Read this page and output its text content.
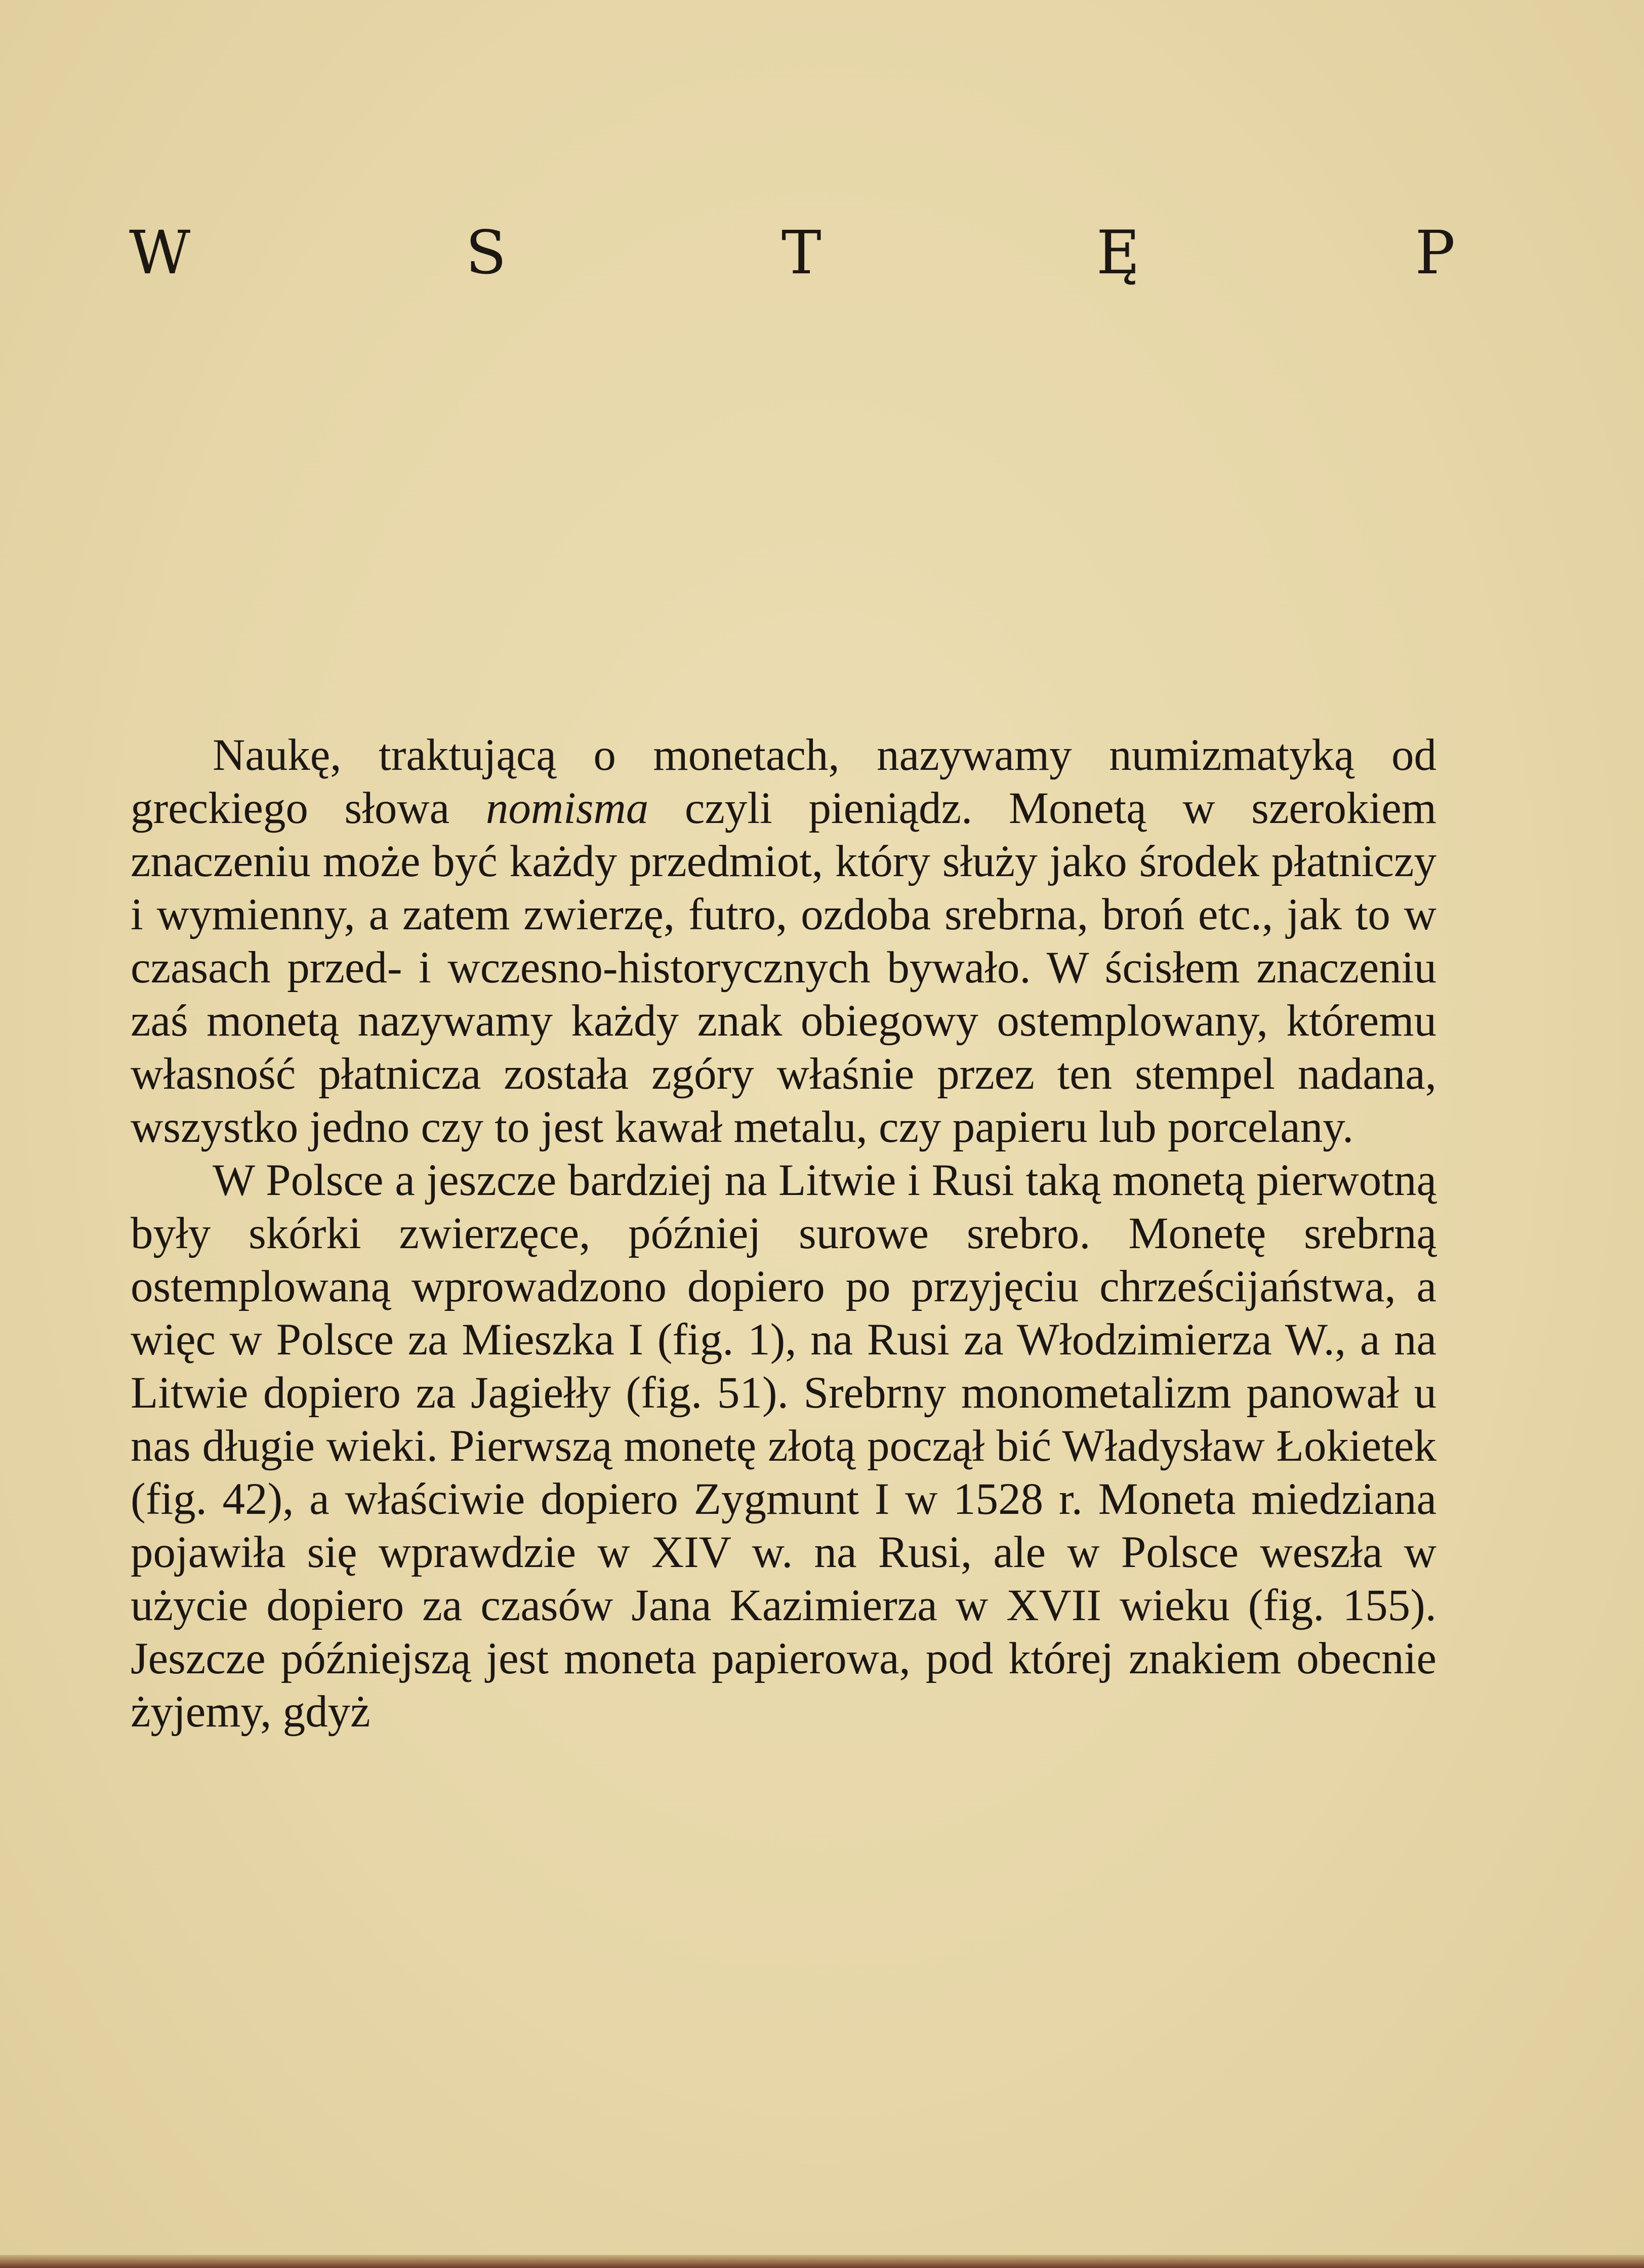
W	S	T	Ę	P

Naukę, traktującą o monetach, nazywamy numizmatyką od greckiego słowa nomisma czyli pieniądz. Monetą w szerokiem znaczeniu może być każdy przedmiot, który służy jako środek płatniczy i wymienny, a zatem zwierzę, futro, ozdoba srebrna, broń etc., jak to w czasach przed- i wczesno-historycznych bywało. W ścisłem znaczeniu zaś monetą nazywamy każdy znak obiegowy ostemplowany, któremu własność płatnicza została zgóry właśnie przez ten stempel nadana, wszystko jedno czy to jest kawał metalu, czy papieru lub porcelany.

W Polsce a jeszcze bardziej na Litwie i Rusi taką monetą pierwotną były skórki zwierzęce, później surowe srebro. Monetę srebrną ostemplowaną wprowadzono dopiero po przyjęciu chrześcijaństwa, a więc w Polsce za Mieszka I (fig. 1), na Rusi za Włodzimierza W., a na Litwie dopiero za Jagiełły (fig. 51). Srebrny monometalizm panował u nas długie wieki. Pierwszą monetę złotą począł bić Władysław Łokietek (fig. 42), a właściwie dopiero Zygmunt I w 1528 r. Moneta miedziana pojawiła się wprawdzie w XIV w. na Rusi, ale w Polsce weszła w użycie dopiero za czasów Jana Kazimierza w XVII wieku (fig. 155). Jeszcze późniejszą jest moneta papierowa, pod której znakiem obecnie żyjemy, gdyż
